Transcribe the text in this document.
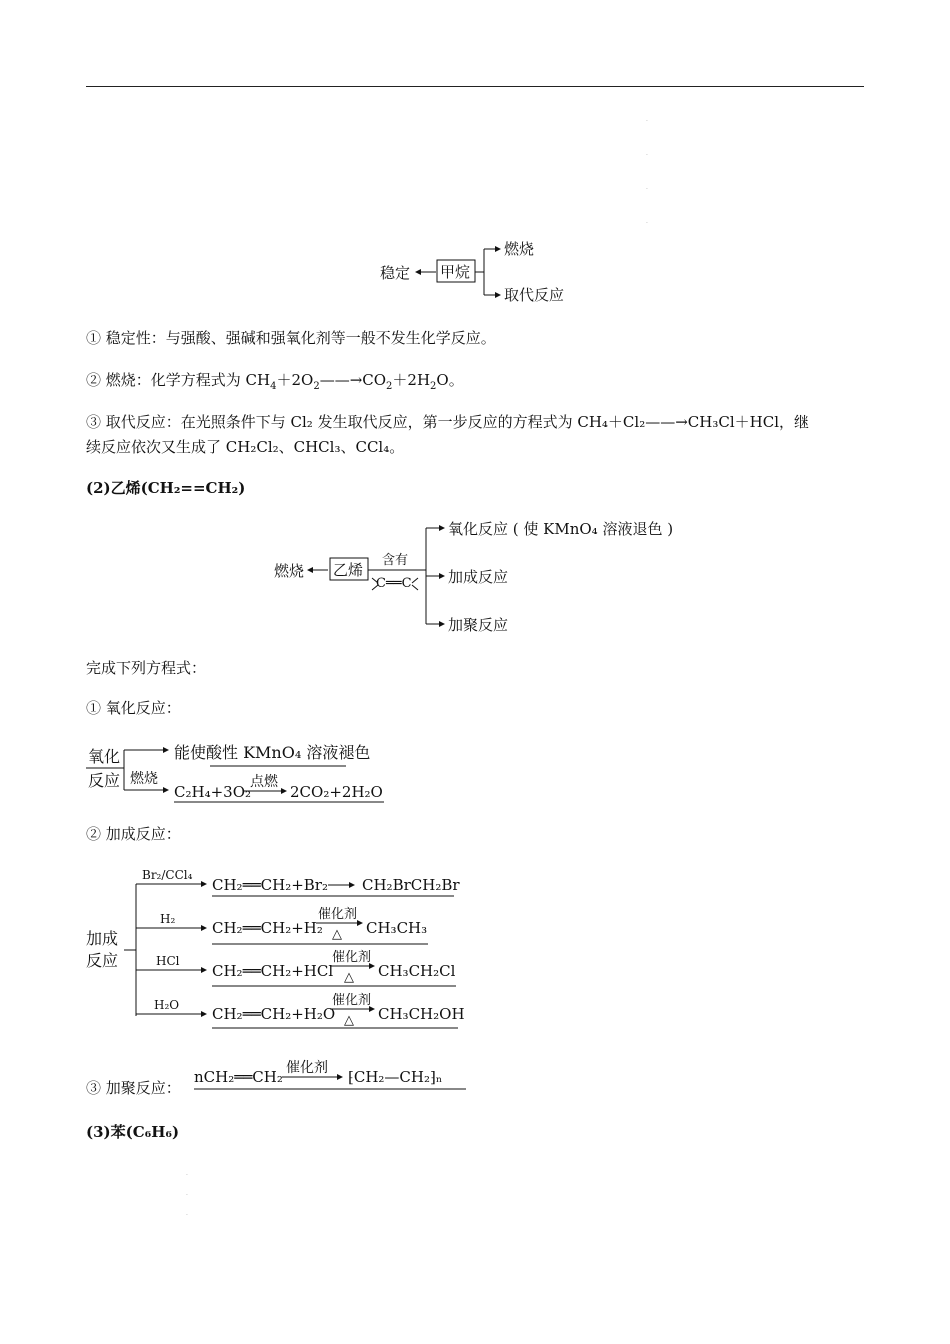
·
·
·
·
·
·
·
稳定 甲烷
燃烧
取代反应
① 稳定性：与强酸、强碱和强氧化剂等一般不发生化学反应。
② 燃烧：化学方程式为 $CH_4+2O_2——\to CO_2+2H_2O$。
③ 取代反应：在光照条件下与 Cl₂ 发生取代反应，第一步反应的方程式为 CH₄＋Cl₂——→CH₃Cl＋HCl，继
续反应依次又生成了 CH₂Cl₂、CHCl₃、CCl₄。
(2)乙烯(CH₂==CH₂)
燃烧 乙烯
含有
C══C
氧化反应 ( 使 KMnO₄ 溶液退色 )
加成反应
加聚反应
完成下列方程式：
① 氧化反应：
氧化
反应
能使酸性 KMnO₄ 溶液褪色
燃烧
C₂H₄+3O₂
点燃
2CO₂+2H₂O
② 加成反应：
加成
反应
Br₂/CCl₄
H₂
HCl
H₂O
CH₂══CH₂+Br₂ CH₂BrCH₂Br
CH₂══CH₂+H₂
催化剂
△ CH₃CH₃
CH₂══CH₂+HCl
催化剂
△ CH₃CH₂Cl
CH₂══CH₂+H₂O
催化剂
△ CH₃CH₂OH
③ 加聚反应：
nCH₂══CH₂ 催化剂 ⁅CH₂—CH₂⁆ₙ
(3)苯(C₆H₆)
